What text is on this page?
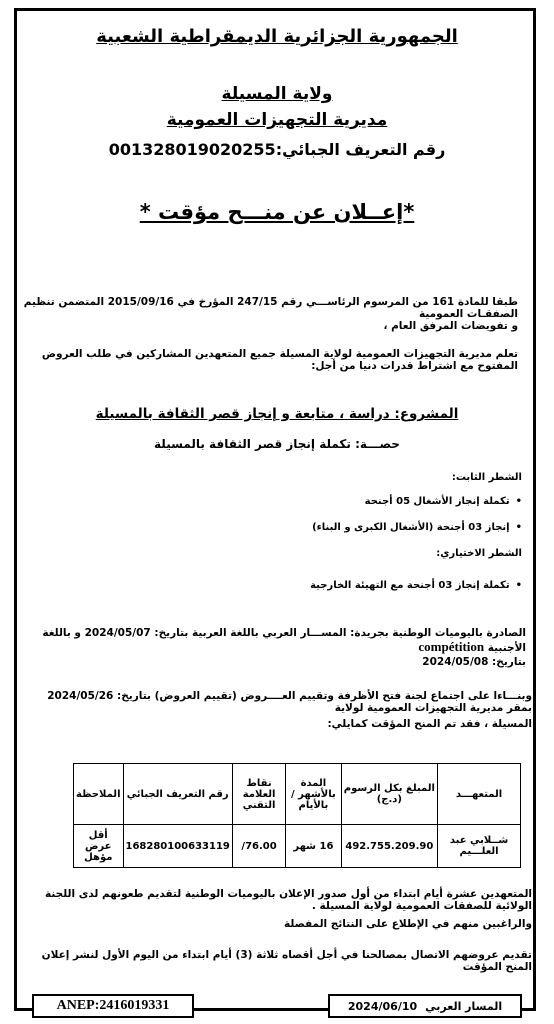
الجمهورية الجزائرية الديمقراطية الشعبية
ولاية المسيلة
مديرية التجهيزات العمومية
رقم التعريف الجبائي:001328019020255
*إعــلان عن منـــح مؤقت *
طبقا للمادة 161 من المرسوم الرئاســـي رقم 247/15 المؤرخ في 2015/09/16 المتضمن تنظيم الصفقـات العمومية
و تفويضات المرفق العام ،
تعلم مديرية التجهيزات العمومية لولاية المسيلة جميع المتعهدين المشاركين في طلب العروض المفتوح مع اشتراط قدرات دنيا من أجل:
المشروع: دراسة ، متابعة و إنجاز قصر الثقافة بالمسيلة
حصـــة: تكملة إنجاز قصر الثقافة بالمسيلة
الشطر الثابت:
• تكملة إنجاز الأشغال 05 أجنحة
• إنجاز 03 أجنحة (الأشغال الكبرى و البناء)
الشطر الاختياري:
• تكملة إنجاز 03 أجنحة مع التهيئة الخارجية
الصادرة باليوميات الوطنية بجريدة: المســـار العربي باللغة العربية بتاريخ: 2024/05/07 و باللغة الأجنبية compétition
بتاريخ: 2024/05/08
وبنـــاءا على اجتماع لجنة فتح الأظرفة وتقييم العــــروض (تقييم العروض) بتاريخ: 2024/05/26 بمقر مديرية التجهيزات العمومية لولاية
المسيلة ، فقد تم المنح المؤقت كمايلي:
المتعهـــد	المبلغ بكل الرسوم (د.ج)	المدة بالأشهر / بالأيام	نقاط العلامة التقني	رقم التعريف الجبائي	الملاحظة
شــلابي عبد العلـــيم	492.755.209.90	16 شهر	76.00/	168280100633119	أقل عرض مؤهل
المتعهدين عشرة أيام ابتداء من أول صدور الإعلان باليوميات الوطنية لتقديم طعونهم لدى اللجنة الولائية للصفقات العمومية لولاية المسيلة .
والراغبين منهم في الإطلاع على النتائج المفصلة
تقديم عروضهم الاتصال بمصالحنا في أجل أقصاه ثلاثة (3) أيام ابتداء من اليوم الأول لنشر إعلان المنح المؤقت
ANEP:2416019331	2024/06/10 المسار العربي
